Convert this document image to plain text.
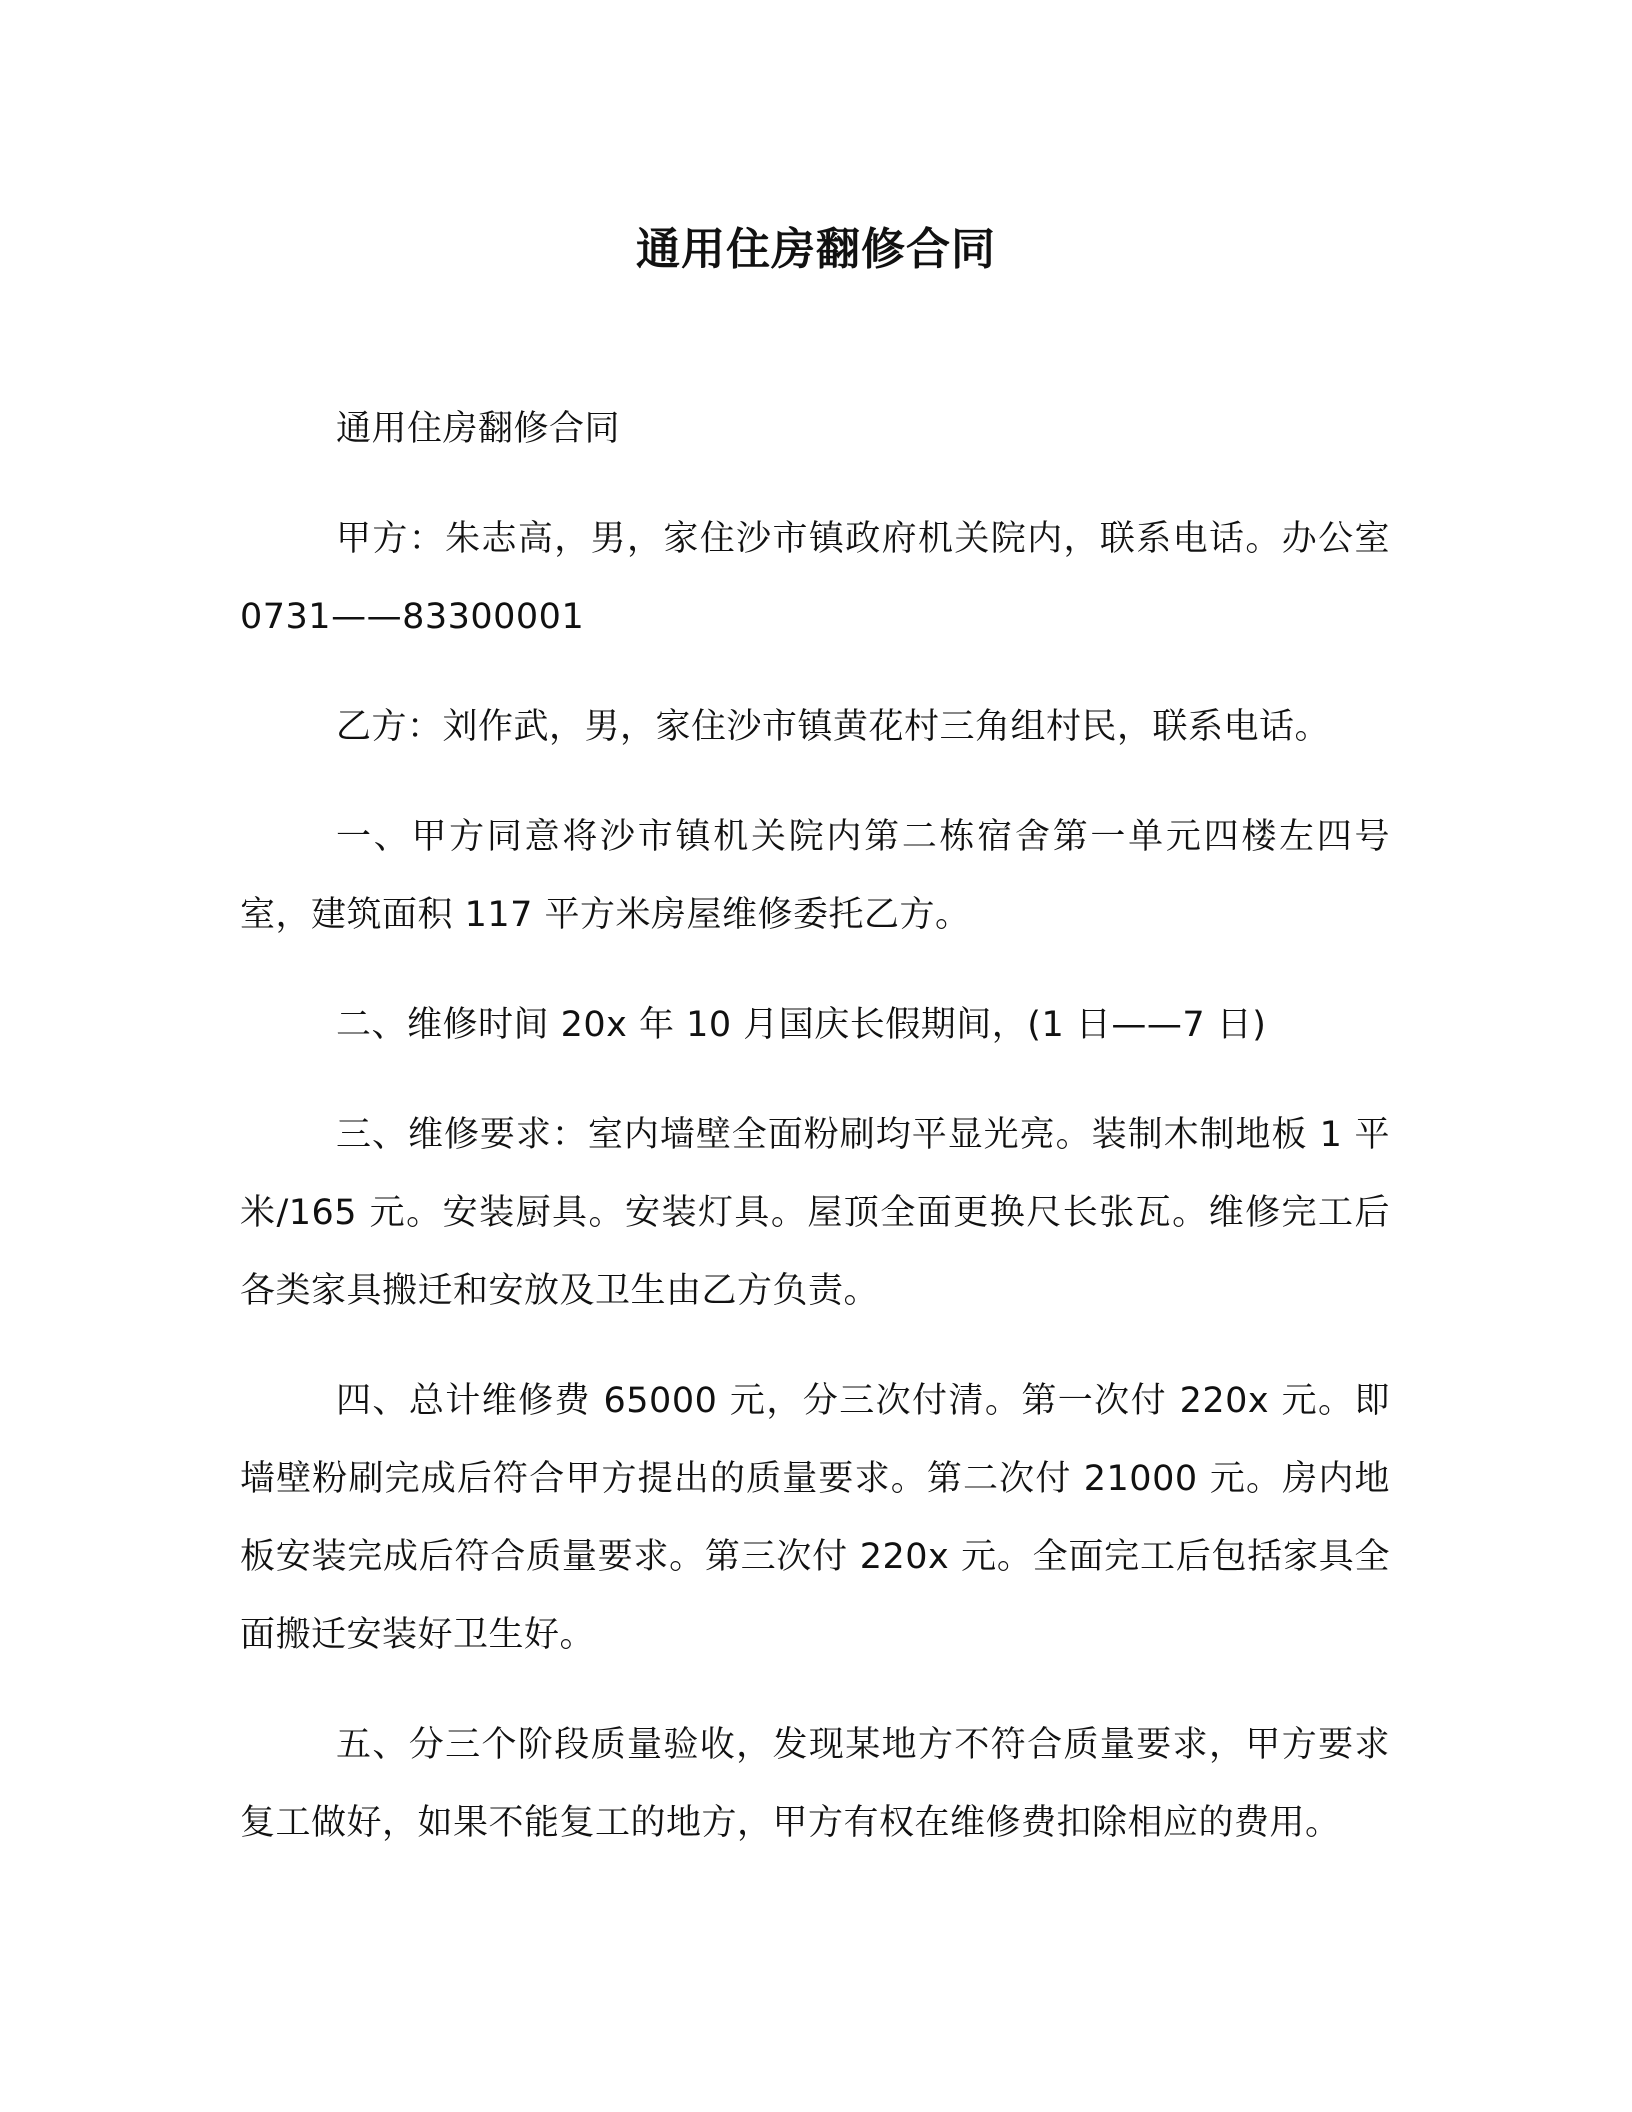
通用住房翻修合同

通用住房翻修合同

甲方：朱志高，男，家住沙市镇政府机关院内，联系电话。办公室 0731——83300001

乙方：刘作武，男，家住沙市镇黄花村三角组村民，联系电话。

一、甲方同意将沙市镇机关院内第二栋宿舍第一单元四楼左四号室，建筑面积 117 平方米房屋维修委托乙方。

二、维修时间 20x 年 10 月国庆长假期间，(1 日——7 日)

三、维修要求：室内墙壁全面粉刷均平显光亮。装制木制地板 1 平米/165 元。安装厨具。安装灯具。屋顶全面更换尺长张瓦。维修完工后各类家具搬迁和安放及卫生由乙方负责。

四、总计维修费 65000 元，分三次付清。第一次付 220x 元。即墙壁粉刷完成后符合甲方提出的质量要求。第二次付 21000 元。房内地板安装完成后符合质量要求。第三次付 220x 元。全面完工后包括家具全面搬迁安装好卫生好。

五、分三个阶段质量验收，发现某地方不符合质量要求，甲方要求复工做好，如果不能复工的地方，甲方有权在维修费扣除相应的费用。
